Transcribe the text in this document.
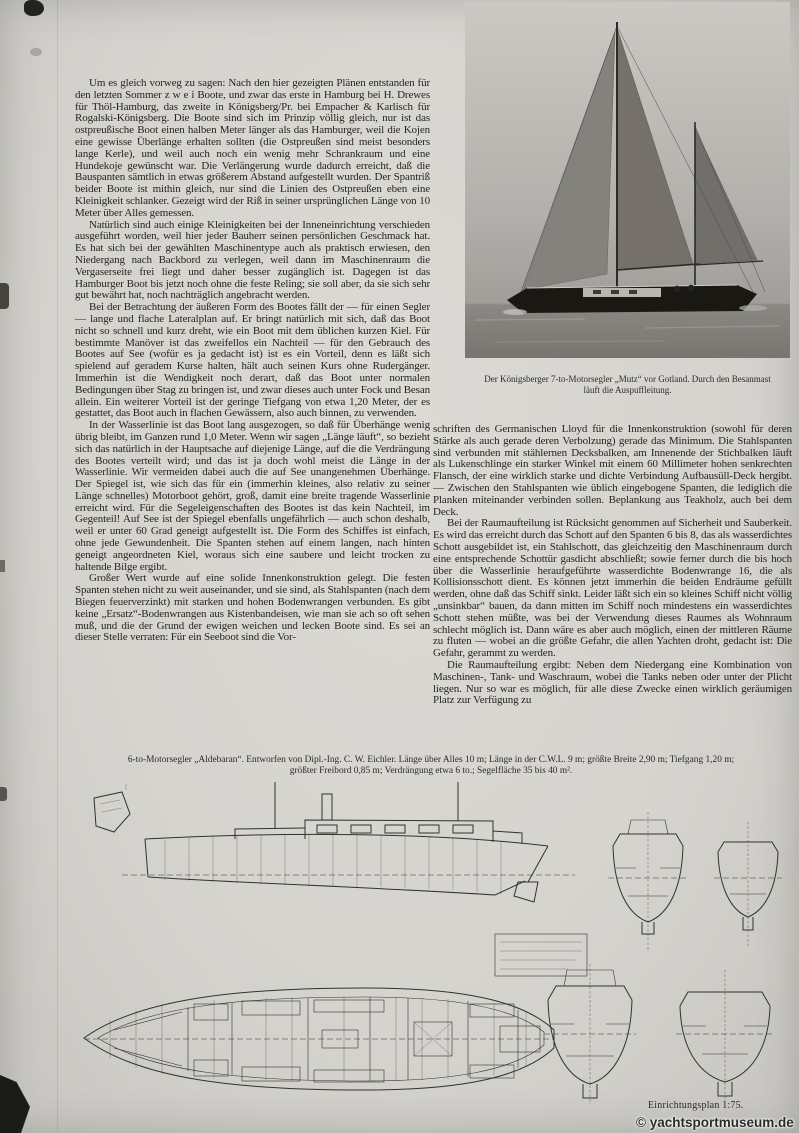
Um es gleich vorweg zu sagen: Nach den hier gezeigten Plänen entstanden für den letzten Sommer z w e i Boote, und zwar das erste in Hamburg bei H. Drewes für Thöl-Hamburg, das zweite in Königsberg/Pr. bei Empacher & Karlisch für Rogalski-Königsberg. Die Boote sind sich im Prinzip völlig gleich, nur ist das ostpreußische Boot einen halben Meter länger als das Hamburger, weil die Kojen eine gewisse Überlänge erhalten sollten (die Ostpreußen sind meist besonders lange Kerle), und weil auch noch ein wenig mehr Schrankraum und eine Hundekoje gewünscht war. Die Verlängerung wurde dadurch erreicht, daß die Bauspanten sämtlich in etwas größerem Abstand aufgestellt wurden. Der Spantriß beider Boote ist mithin gleich, nur sind die Linien des Ostpreußen eben eine Kleinigkeit schlanker. Gezeigt wird der Riß in seiner ursprünglichen Länge von 10 Meter über Alles gemessen.

Natürlich sind auch einige Kleinigkeiten bei der Inneneinrichtung verschieden ausgeführt worden, weil hier jeder Bauherr seinen persönlichen Geschmack hat. Es hat sich bei der gewählten Maschinentype auch als praktisch erwiesen, den Niedergang nach Backbord zu verlegen, weil dann im Maschinenraum die Vergaserseite frei liegt und daher besser zugänglich ist. Dagegen ist das Hamburger Boot bis jetzt noch ohne die feste Reling; sie soll aber, da sie sich sehr gut bewährt hat, noch nachträglich angebracht werden.

Bei der Betrachtung der äußeren Form des Bootes fällt der — für einen Segler — lange und flache Lateralplan auf. Er bringt natürlich mit sich, daß das Boot nicht so schnell und kurz dreht, wie ein Boot mit dem üblichen kurzen Kiel. Für bestimmte Manöver ist das zweifellos ein Nachteil — für den Gebrauch des Bootes auf See (wofür es ja gedacht ist) ist es ein Vorteil, denn es läßt sich spielend auf geradem Kurse halten, hält auch seinen Kurs ohne Rudergänger. Immerhin ist die Wendigkeit noch derart, daß das Boot unter normalen Bedingungen über Stag zu bringen ist, und zwar dieses auch unter Fock und Besan allein. Ein weiterer Vorteil ist der geringe Tiefgang von etwa 1,20 Meter, der es gestattet, das Boot auch in flachen Gewässern, also auch binnen, zu verwenden.

In der Wasserlinie ist das Boot lang ausgezogen, so daß für Überhänge wenig übrig bleibt, im Ganzen rund 1,0 Meter. Wenn wir sagen „Länge läuft“, so bezieht sich das natürlich in der Hauptsache auf diejenige Länge, auf die die Verdrängung des Bootes verteilt wird; und das ist ja doch wohl meist die Länge in der Wasserlinie. Wir vermeiden dabei auch die auf See unangenehmen Überhänge. Der Spiegel ist, wie sich das für ein (immerhin kleines, also relativ zu seiner Länge schnelles) Motorboot gehört, groß, damit eine breite tragende Wasserlinie erreicht wird. Für die Segeleigenschaften des Bootes ist das kein Nachteil, im Gegenteil! Auf See ist der Spiegel ebenfalls ungefährlich — auch schon deshalb, weil er unter 60 Grad geneigt aufgestellt ist. Die Form des Schiffes ist einfach, ohne jede Gewundenheit. Die Spanten stehen auf einem langen, nach hinten geneigt angeordneten Kiel, woraus sich eine saubere und leicht trocken zu haltende Bilge ergibt.

Großer Wert wurde auf eine solide Innenkonstruktion gelegt. Die festen Spanten stehen nicht zu weit auseinander, und sie sind, als Stahlspanten (nach dem Biegen feuerverzinkt) mit starken und hohen Bodenwrangen verbunden. Es gibt keine „Ersatz“-Bodenwrangen aus Kistenbandeisen, wie man sie ach so oft sehen muß, und die der Grund der ewigen weichen und lecken Boote sind. Es sei an dieser Stelle verraten: Für ein Seeboot sind die Vor-

Der Königsberger 7-to-Motorsegler „Mutz“ vor Gotland. Durch den Besanmast
läuft die Auspuffleitung.

schriften des Germanischen Lloyd für die Innenkonstruktion (sowohl für deren Stärke als auch gerade deren Verbolzung) gerade das Minimum. Die Stahlspanten sind verbunden mit stählernen Decksbalken, am Innenende der Stichbalken läuft als Lukenschlinge ein starker Winkel mit einem 60 Millimeter hohen senkrechten Flansch, der eine wirklich starke und dichte Verbindung Aufbausüll-Deck hergibt. — Zwischen den Stahlspanten wie üblich eingebogene Spanten, die lediglich die Planken miteinander verbinden sollen. Beplankung aus Teakholz, auch bei dem Deck.

Bei der Raumaufteilung ist Rücksicht genommen auf Sicherheit und Sauberkeit. Es wird das erreicht durch das Schott auf den Spanten 6 bis 8, das als wasserdichtes Schott ausgebildet ist, ein Stahlschott, das gleichzeitig den Maschinenraum durch eine entsprechende Schottür gasdicht abschließt; sowie ferner durch die bis hoch über die Wasserlinie heraufgeführte wasserdichte Bodenwrange 16, die als Kollisionsschott dient. Es können jetzt immerhin die beiden Endräume gefüllt werden, ohne daß das Schiff sinkt. Leider läßt sich ein so kleines Schiff nicht völlig „unsinkbar“ bauen, da dann mitten im Schiff noch mindestens ein wasserdichtes Schott stehen müßte, was bei der Verwendung dieses Raumes als Wohnraum schlecht möglich ist. Dann wäre es aber auch möglich, einen der mittleren Räume zu fluten — wobei an die größte Gefahr, die allen Yachten droht, gedacht ist: Die Gefahr, gerammt zu werden.

Die Raumaufteilung ergibt: Neben dem Niedergang eine Kombination von Maschinen-, Tank- und Waschraum, wobei die Tanks neben oder unter der Plicht liegen. Nur so war es möglich, für alle diese Zwecke einen wirklich geräumigen Platz zur Verfügung zu

6-to-Motorsegler „Aldebaran“. Entworfen von Dipl.-Ing. C. W. Eichler. Länge über Alles 10 m; Länge in der C.W.L. 9 m; größte Breite 2,90 m; Tiefgang 1,20 m;
größter Freibord 0,85 m; Verdrängung etwa 6 to.; Segelfläche 35 bis 40 m².
Einrichtungsplan 1:75.
© yachtsportmuseum.de
